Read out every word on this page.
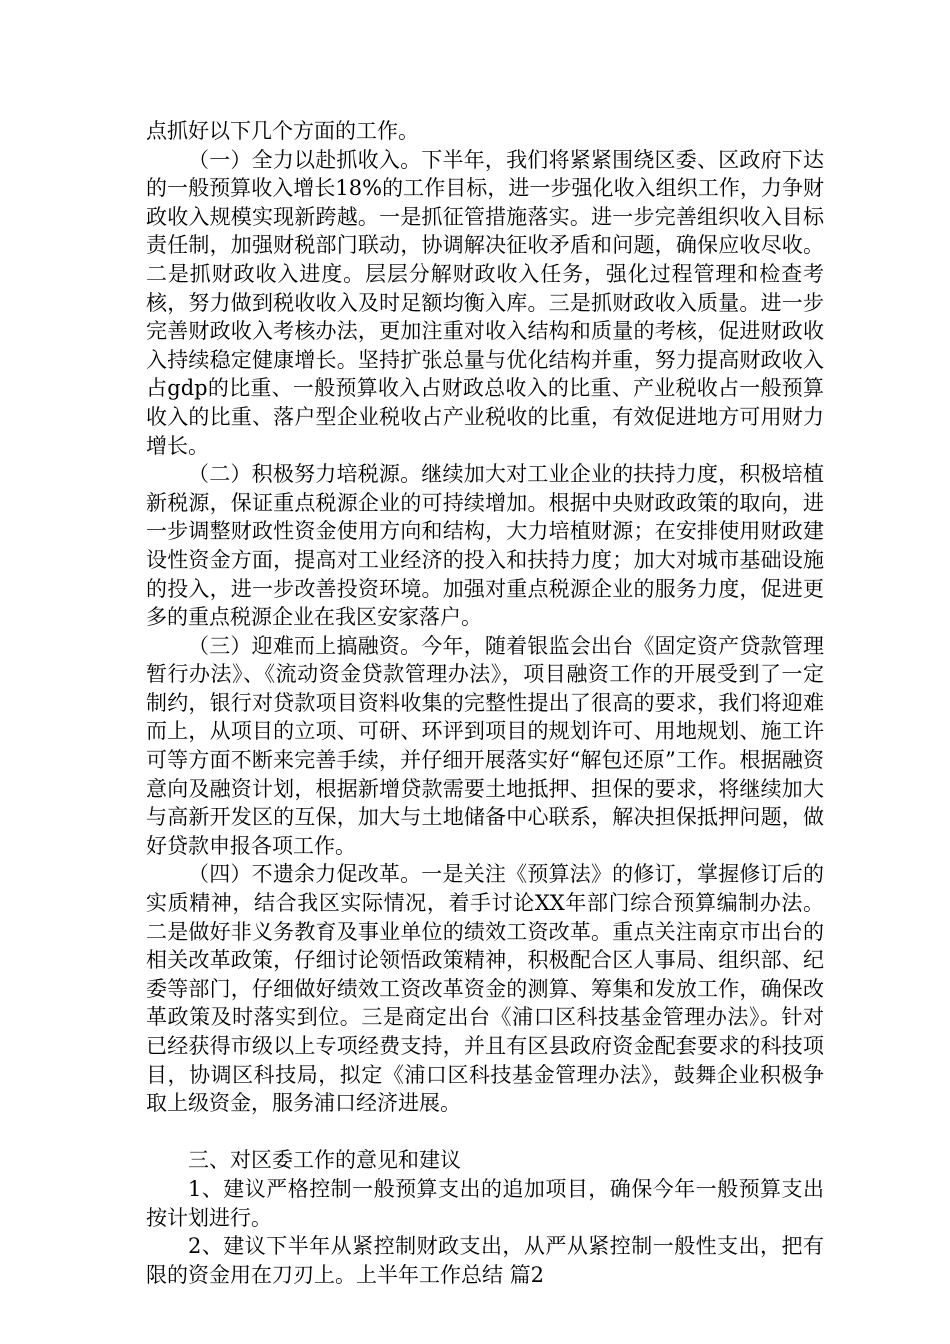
点抓好以下几个方面的工作。

（一）全力以赴抓收入。下半年，我们将紧紧围绕区委、区政府下达的一般预算收入增长18%的工作目标，进一步强化收入组织工作，力争财政收入规模实现新跨越。一是抓征管措施落实。进一步完善组织收入目标责任制，加强财税部门联动，协调解决征收矛盾和问题，确保应收尽收。二是抓财政收入进度。层层分解财政收入任务，强化过程管理和检查考核，努力做到税收收入及时足额均衡入库。三是抓财政收入质量。进一步完善财政收入考核办法，更加注重对收入结构和质量的考核，促进财政收入持续稳定健康增长。坚持扩张总量与优化结构并重，努力提高财政收入占gdp的比重、一般预算收入占财政总收入的比重、产业税收占一般预算收入的比重、落户型企业税收占产业税收的比重，有效促进地方可用财力增长。

（二）积极努力培税源。继续加大对工业企业的扶持力度，积极培植新税源，保证重点税源企业的可持续增加。根据中央财政政策的取向，进一步调整财政性资金使用方向和结构，大力培植财源；在安排使用财政建设性资金方面，提高对工业经济的投入和扶持力度；加大对城市基础设施的投入，进一步改善投资环境。加强对重点税源企业的服务力度，促进更多的重点税源企业在我区安家落户。

（三）迎难而上搞融资。今年，随着银监会出台《固定资产贷款管理暂行办法》、《流动资金贷款管理办法》，项目融资工作的开展受到了一定制约，银行对贷款项目资料收集的完整性提出了很高的要求，我们将迎难而上，从项目的立项、可研、环评到项目的规划许可、用地规划、施工许可等方面不断来完善手续，并仔细开展落实好“解包还原”工作。根据融资意向及融资计划，根据新增贷款需要土地抵押、担保的要求，将继续加大与高新开发区的互保，加大与土地储备中心联系，解决担保抵押问题，做好贷款申报各项工作。

（四）不遗余力促改革。一是关注《预算法》的修订，掌握修订后的实质精神，结合我区实际情况，着手讨论XX年部门综合预算编制办法。二是做好非义务教育及事业单位的绩效工资改革。重点关注南京市出台的相关改革政策，仔细讨论领悟政策精神，积极配合区人事局、组织部、纪委等部门，仔细做好绩效工资改革资金的测算、筹集和发放工作，确保改革政策及时落实到位。三是商定出台《浦口区科技基金管理办法》。针对已经获得市级以上专项经费支持，并且有区县政府资金配套要求的科技项目，协调区科技局，拟定《浦口区科技基金管理办法》，鼓舞企业积极争取上级资金，服务浦口经济进展。

三、对区委工作的意见和建议

1、建议严格控制一般预算支出的追加项目，确保今年一般预算支出按计划进行。

2、建议下半年从紧控制财政支出，从严从紧控制一般性支出，把有限的资金用在刀刃上。上半年工作总结 篇2
